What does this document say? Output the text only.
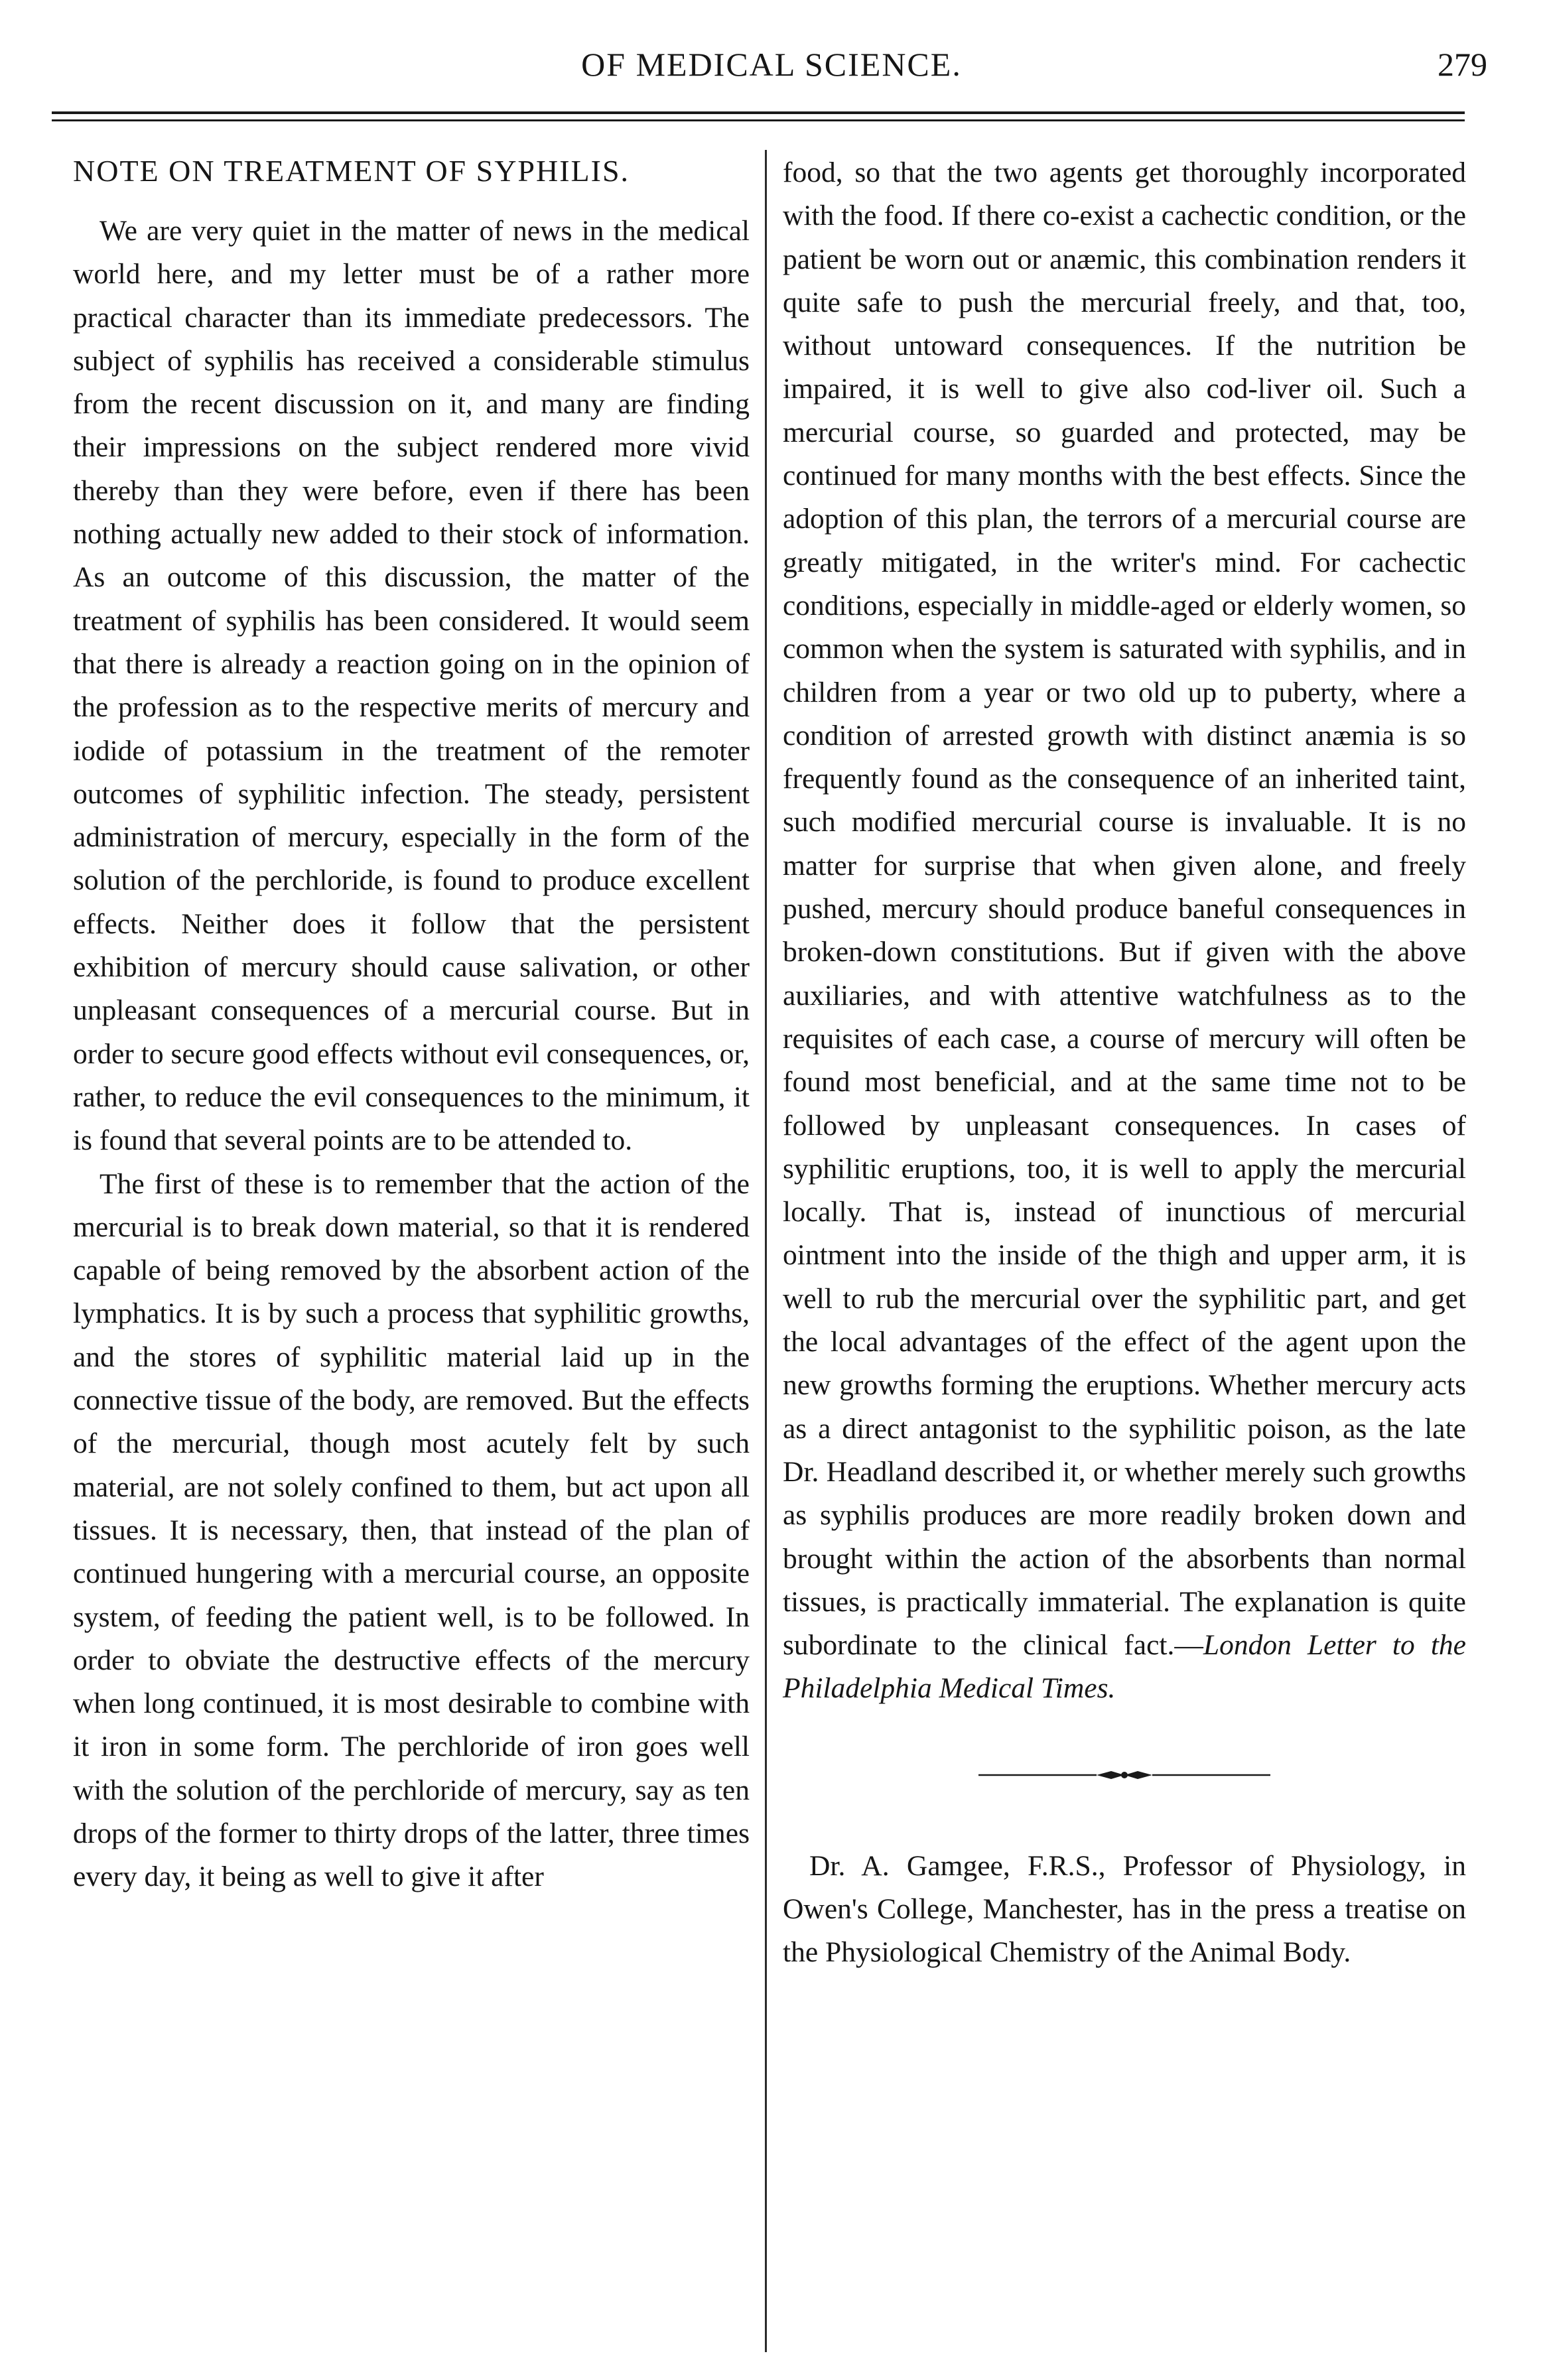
OF MEDICAL SCIENCE.	279
NOTE ON TREATMENT OF SYPHILIS.

We are very quiet in the matter of news in the medical world here, and my letter must be of a rather more practical character than its immediate predecessors. The subject of syphilis has received a considerable stimulus from the recent discussion on it, and many are finding their impressions on the subject rendered more vivid thereby than they were before, even if there has been nothing actually new added to their stock of information. As an outcome of this discussion, the matter of the treatment of syphilis has been considered. It would seem that there is already a reaction going on in the opinion of the profession as to the respective merits of mercury and iodide of potassium in the treatment of the remoter outcomes of syphilitic infection. The steady, persistent administration of mercury, especially in the form of the solution of the perchloride, is found to produce excellent effects. Neither does it follow that the persistent exhibition of mercury should cause salivation, or other unpleasant consequences of a mercurial course. But in order to secure good effects without evil consequences, or, rather, to reduce the evil consequences to the minimum, it is found that several points are to be attended to.

The first of these is to remember that the action of the mercurial is to break down material, so that it is rendered capable of being removed by the absorbent action of the lymphatics. It is by such a process that syphilitic growths, and the stores of syphilitic material laid up in the connective tissue of the body, are removed. But the effects of the mercurial, though most acutely felt by such material, are not solely confined to them, but act upon all tissues. It is necessary, then, that instead of the plan of continued hungering with a mercurial course, an opposite system, of feeding the patient well, is to be followed. In order to obviate the destructive effects of the mercury when long continued, it is most desirable to combine with it iron in some form. The perchloride of iron goes well with the solution of the perchloride of mercury, say as ten drops of the former to thirty drops of the latter, three times every day, it being as well to give it after

food, so that the two agents get thoroughly incorporated with the food. If there co-exist a cachectic condition, or the patient be worn out or anæmic, this combination renders it quite safe to push the mercurial freely, and that, too, without untoward consequences. If the nutrition be impaired, it is well to give also cod-liver oil. Such a mercurial course, so guarded and protected, may be continued for many months with the best effects. Since the adoption of this plan, the terrors of a mercurial course are greatly mitigated, in the writer's mind. For cachectic conditions, especially in middle-aged or elderly women, so common when the system is saturated with syphilis, and in children from a year or two old up to puberty, where a condition of arrested growth with distinct anæmia is so frequently found as the consequence of an inherited taint, such modified mercurial course is invaluable. It is no matter for surprise that when given alone, and freely pushed, mercury should produce baneful consequences in broken-down constitutions. But if given with the above auxiliaries, and with attentive watchfulness as to the requisites of each case, a course of mercury will often be found most beneficial, and at the same time not to be followed by unpleasant consequences. In cases of syphilitic eruptions, too, it is well to apply the mercurial locally. That is, instead of inunctious of mercurial ointment into the inside of the thigh and upper arm, it is well to rub the mercurial over the syphilitic part, and get the local advantages of the effect of the agent upon the new growths forming the eruptions. Whether mercury acts as a direct antagonist to the syphilitic poison, as the late Dr. Headland described it, or whether merely such growths as syphilis produces are more readily broken down and brought within the action of the absorbents than normal tissues, is practically immaterial. The explanation is quite subordinate to the clinical fact.—London Letter to the Philadelphia Medical Times.

Dr. A. Gamgee, F.R.S., Professor of Physiology, in Owen's College, Manchester, has in the press a treatise on the Physiological Chemistry of the Animal Body.
